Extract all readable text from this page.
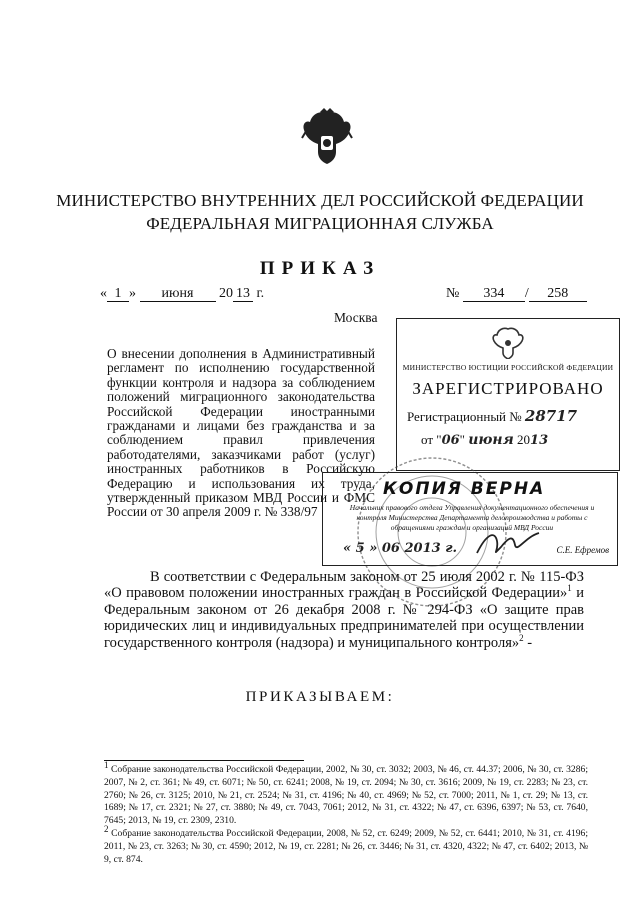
МИНИСТЕРСТВО ВНУТРЕННИХ ДЕЛ РОССИЙСКОЙ ФЕДЕРАЦИИ
ФЕДЕРАЛЬНАЯ МИГРАЦИОННАЯ СЛУЖБА
ПРИКАЗ
« 1 » июня 20 13 г.	№ 334 / 258
Москва

О внесении дополнения в Административный

регламент по исполнению государственной

функции контроля и надзора за соблюдением

положений миграционного законодательства

Российской Федерации иностранными

гражданами и лицами без гражданства и за

соблюдением правил привлечения

работодателями, заказчиками работ (услуг)

иностранных работников в Российскую

Федерацию и использования их труда,

утвержденный приказом МВД России и ФМС

России от 30 апреля 2009 г. № 338/97

МИНИСТЕРСТВО ЮСТИЦИИ РОССИЙСКОЙ ФЕДЕРАЦИИ
ЗАРЕГИСТРИРОВАНО
Регистрационный № 28717
от "06" июня 2013
КОПИЯ ВЕРНА
Начальник правового отдела Управления документационного обеспечения и контроля Министерства Департамента делопроизводства и работы с обращениями граждан и организаций МВД России
« 5 » 06 2013 г.	С.Е. Ефремов

В соответствии с Федеральным законом от 25 июля 2002 г. № 115-ФЗ «О правовом положении иностранных граждан в Российской Федерации»$^1$ и Федеральным законом от 26 декабря 2008 г. № 294-ФЗ «О защите прав юридических лиц и индивидуальных предпринимателей при осуществлении государственного контроля (надзора) и муниципального контроля»$^2$ -

ПРИКАЗЫВАЕМ:

$^1$ Собрание законодательства Российской Федерации, 2002, № 30, ст. 3032; 2003, № 46, ст. 44.37; 2006, № 30, ст. 3286; 2007, № 2, ст. 361; № 49, ст. 6071; № 50, ст. 6241; 2008, № 19, ст. 2094; № 30, ст. 3616; 2009, № 19, ст. 2283; № 23, ст. 2760; № 26, ст. 3125; 2010, № 21, ст. 2524; № 31, ст. 4196; № 40, ст. 4969; № 52, ст. 7000; 2011, № 1, ст. 29; № 13, ст. 1689; № 17, ст. 2321; № 27, ст. 3880; № 49, ст. 7043, 7061; 2012, № 31, ст. 4322; № 47, ст. 6396, 6397; № 53, ст. 7640, 7645; 2013, № 19, ст. 2309, 2310.

$^2$ Собрание законодательства Российской Федерации, 2008, № 52, ст. 6249; 2009, № 52, ст. 6441; 2010, № 31, ст. 4196; 2011, № 23, ст. 3263; № 30, ст. 4590; 2012, № 19, ст. 2281; № 26, ст. 3446; № 31, ст. 4320, 4322; № 47, ст. 6402; 2013, № 9, ст. 874.
